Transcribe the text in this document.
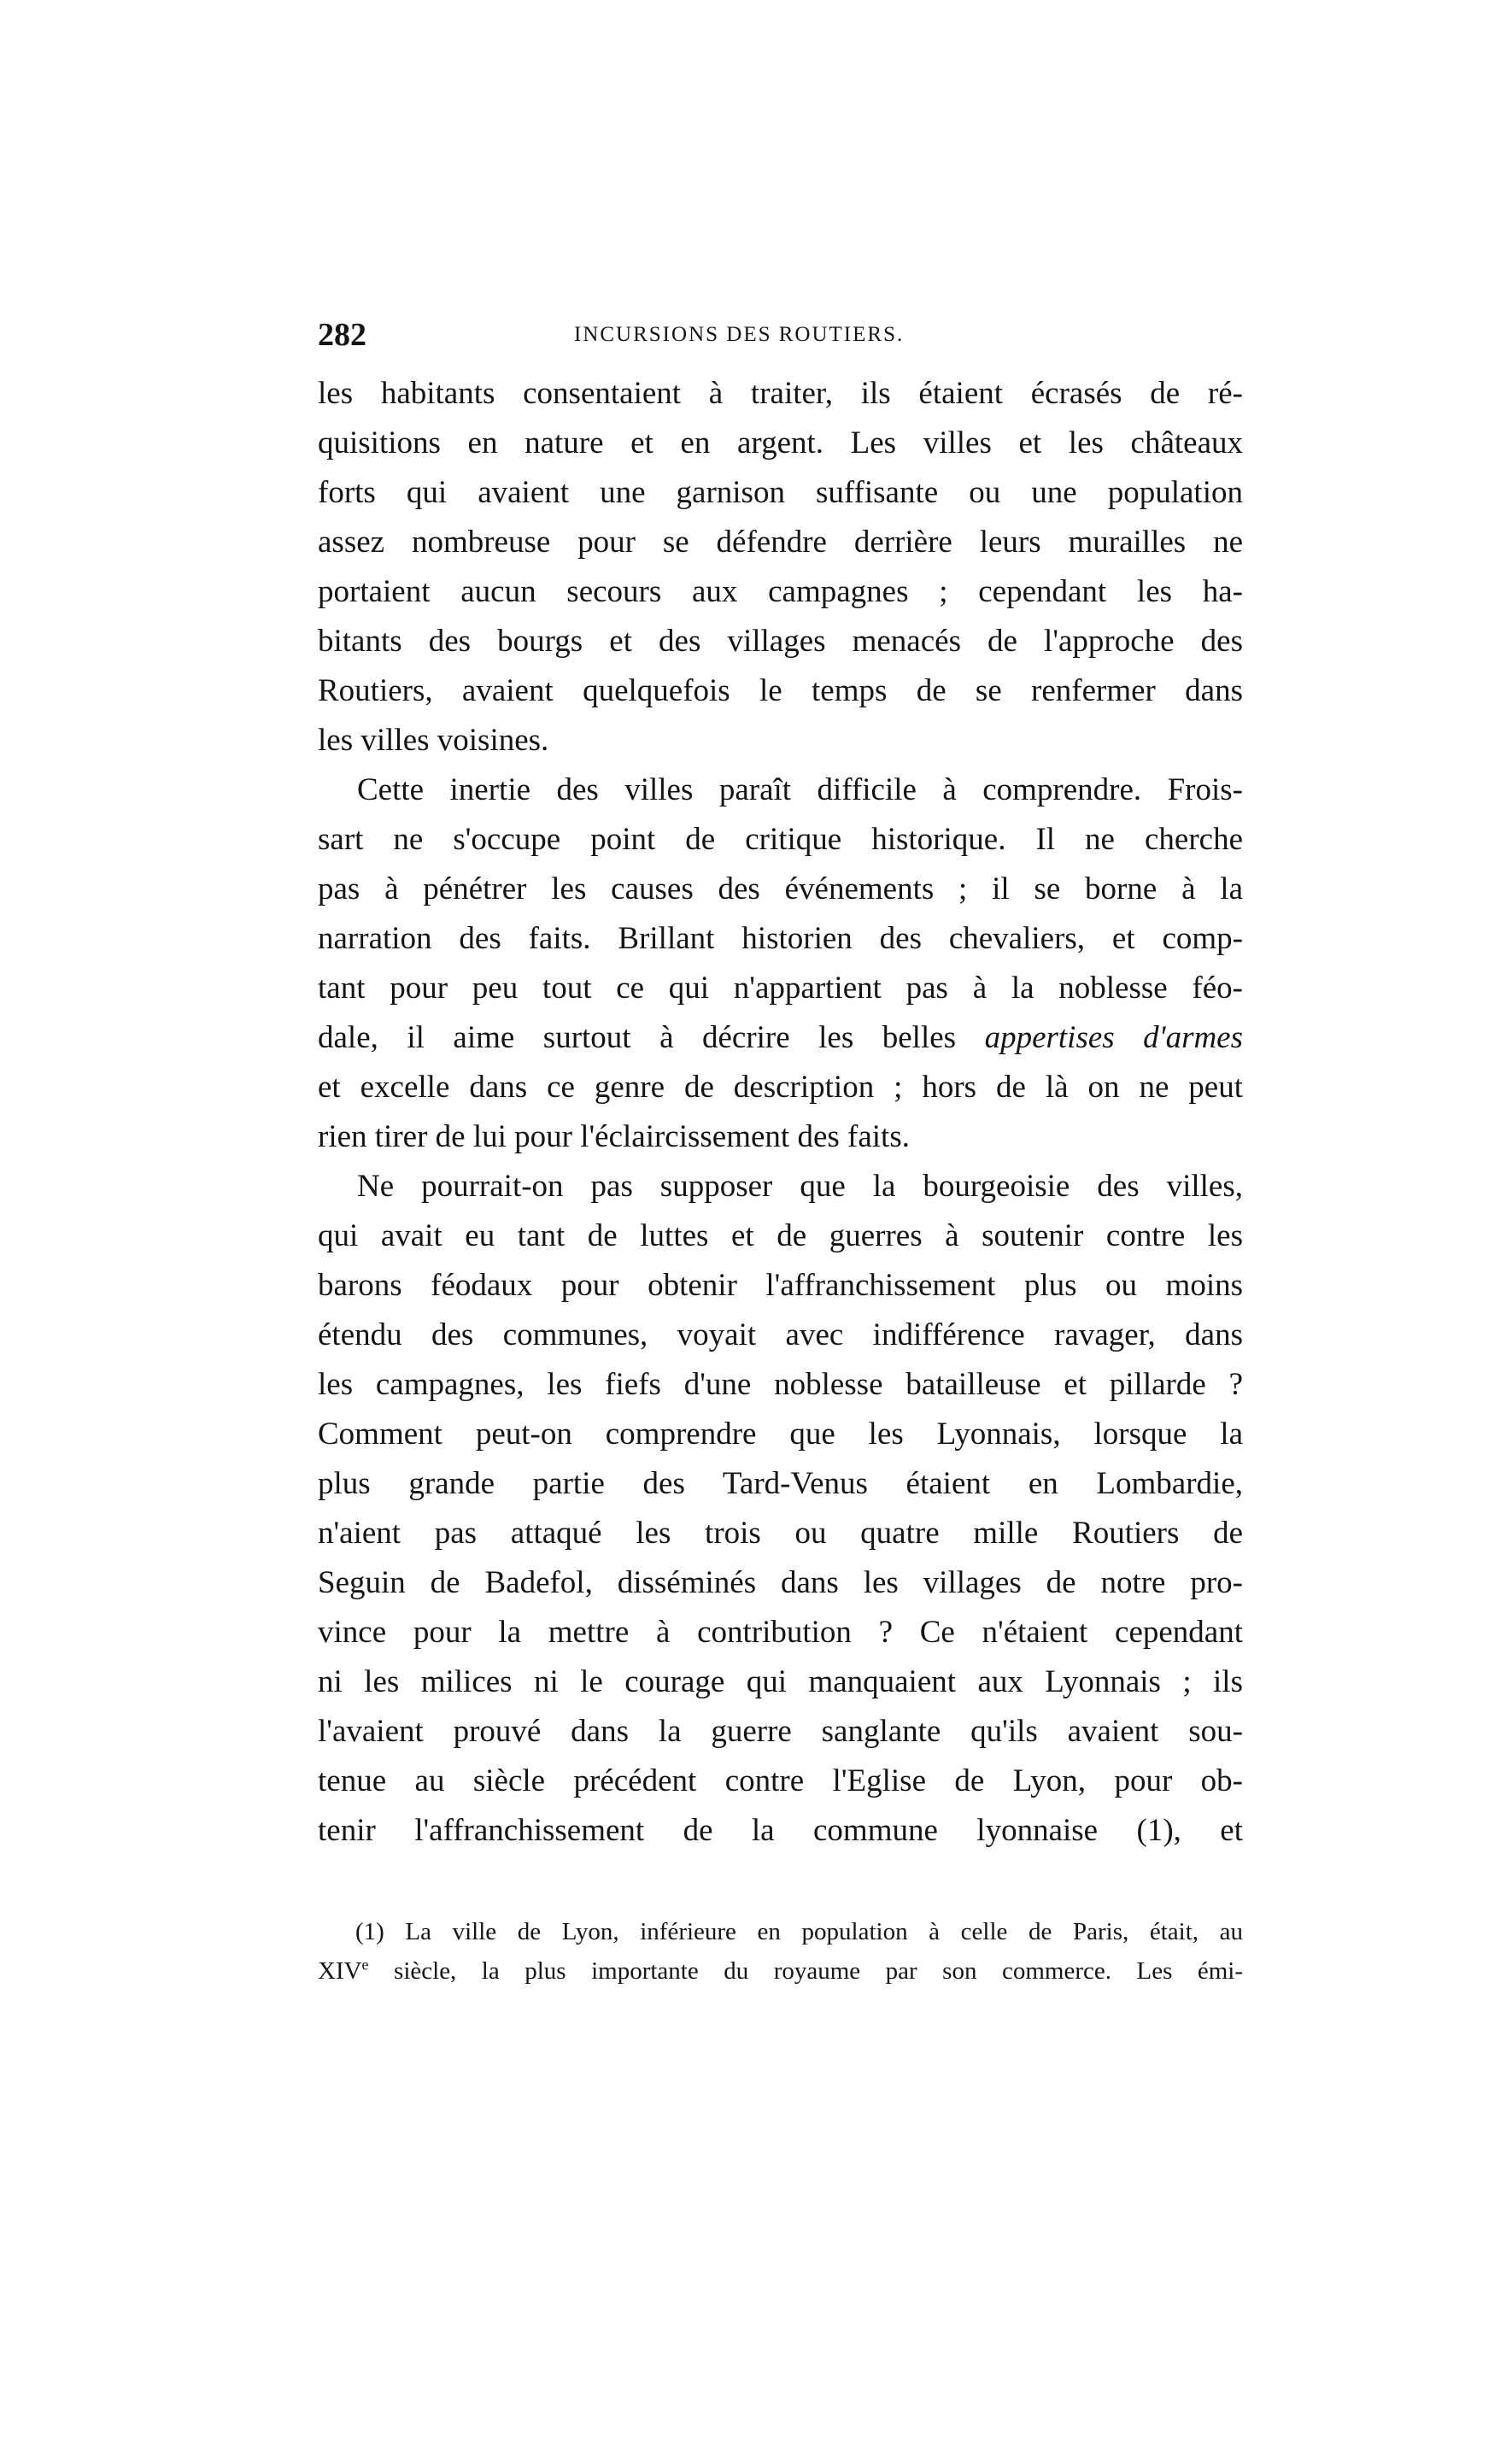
282	INCURSIONS DES ROUTIERS.
les habitants consentaient à traiter, ils étaient écrasés de ré-
quisitions en nature et en argent. Les villes et les châteaux
forts qui avaient une garnison suffisante ou une population
assez nombreuse pour se défendre derrière leurs murailles ne
portaient aucun secours aux campagnes ; cependant les ha-
bitants des bourgs et des villages menacés de l'approche des
Routiers, avaient quelquefois le temps de se renfermer dans
les villes voisines.
Cette inertie des villes paraît difficile à comprendre. Frois-
sart ne s'occupe point de critique historique. Il ne cherche
pas à pénétrer les causes des événements ; il se borne à la
narration des faits. Brillant historien des chevaliers, et comp-
tant pour peu tout ce qui n'appartient pas à la noblesse féo-
dale, il aime surtout à décrire les belles appertises d'armes
et excelle dans ce genre de description ; hors de là on ne peut
rien tirer de lui pour l'éclaircissement des faits.
Ne pourrait-on pas supposer que la bourgeoisie des villes,
qui avait eu tant de luttes et de guerres à soutenir contre les
barons féodaux pour obtenir l'affranchissement plus ou moins
étendu des communes, voyait avec indifférence ravager, dans
les campagnes, les fiefs d'une noblesse batailleuse et pillarde ?
Comment peut-on comprendre que les Lyonnais, lorsque la
plus grande partie des Tard-Venus étaient en Lombardie,
n'aient pas attaqué les trois ou quatre mille Routiers de
Seguin de Badefol, disséminés dans les villages de notre pro-
vince pour la mettre à contribution ? Ce n'étaient cependant
ni les milices ni le courage qui manquaient aux Lyonnais ; ils
l'avaient prouvé dans la guerre sanglante qu'ils avaient sou-
tenue au siècle précédent contre l'Eglise de Lyon, pour ob-
tenir l'affranchissement de la commune lyonnaise (1), et
(1) La ville de Lyon, inférieure en population à celle de Paris, était, au
XIVe siècle, la plus importante du royaume par son commerce. Les émi-
